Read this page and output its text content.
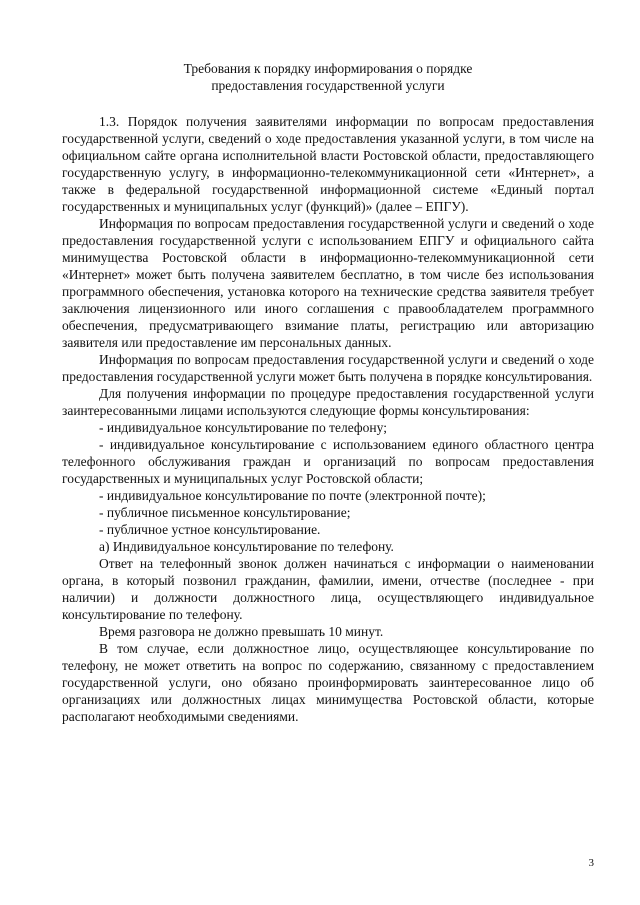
Требования к порядку информирования о порядке
предоставления государственной услуги

1.3. Порядок получения заявителями информации по вопросам предоставления государственной услуги, сведений о ходе предоставления указанной услуги, в том числе на официальном сайте органа исполнительной власти Ростовской области, предоставляющего государственную услугу, в информационно-телекоммуникационной сети «Интернет», а также в федеральной государственной информационной системе «Единый портал государственных и муниципальных услуг (функций)» (далее – ЕПГУ).

Информация по вопросам предоставления государственной услуги и сведений о ходе предоставления государственной услуги с использованием ЕПГУ и официального сайта минимущества Ростовской области в информационно-телекоммуникационной сети «Интернет» может быть получена заявителем бесплатно, в том числе без использования программного обеспечения, установка которого на технические средства заявителя требует заключения лицензионного или иного соглашения с правообладателем программного обеспечения, предусматривающего взимание платы, регистрацию или авторизацию заявителя или предоставление им персональных данных.

Информация по вопросам предоставления государственной услуги и сведений о ходе предоставления государственной услуги может быть получена в порядке консультирования.

Для получения информации по процедуре предоставления государственной услуги заинтересованными лицами используются следующие формы консультирования:

- индивидуальное консультирование по телефону;

- индивидуальное консультирование с использованием единого областного центра телефонного обслуживания граждан и организаций по вопросам предоставления государственных и муниципальных услуг Ростовской области;

- индивидуальное консультирование по почте (электронной почте);

- публичное письменное консультирование;

- публичное устное консультирование.

а) Индивидуальное консультирование по телефону.

Ответ на телефонный звонок должен начинаться с информации о наименовании органа, в который позвонил гражданин, фамилии, имени, отчестве (последнее - при наличии) и должности должностного лица, осуществляющего индивидуальное консультирование по телефону.

Время разговора не должно превышать 10 минут.

В том случае, если должностное лицо, осуществляющее консультирование по телефону, не может ответить на вопрос по содержанию, связанному с предоставлением государственной услуги, оно обязано проинформировать заинтересованное лицо об организациях или должностных лицах минимущества Ростовской области, которые располагают необходимыми сведениями.

3
